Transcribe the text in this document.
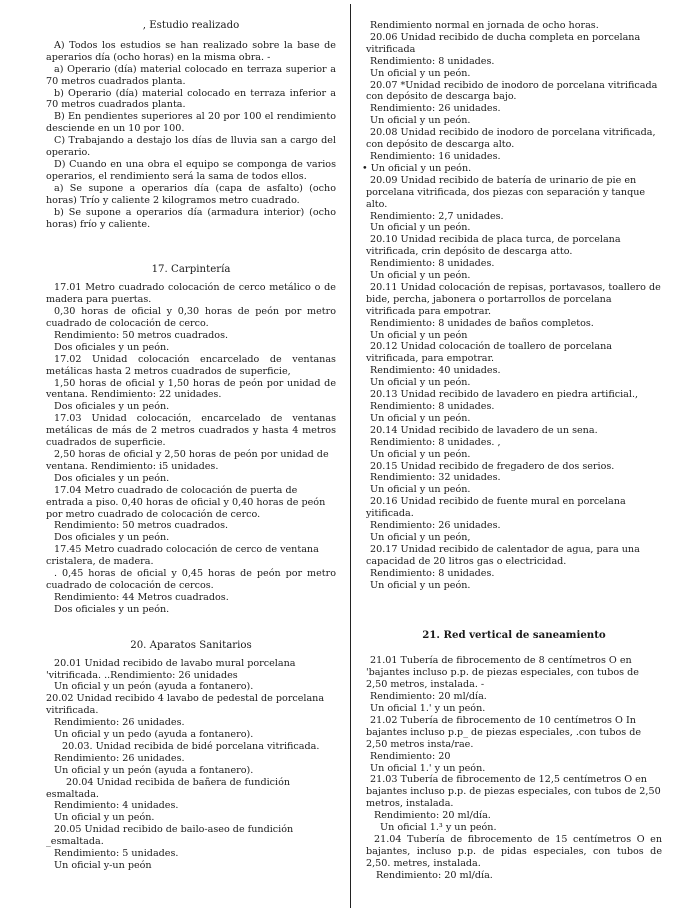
, Estudio realizado

A) Todos los estudios se han realizado sobre la base de aperarios día (ocho horas) en la misma obra. -

a) Operario (día) material colocado en terraza superior a 70 metros cuadrados planta.

b) Operario (día) material colocado en terraza inferior a 70 metros cuadrados planta.

B) En pendientes superiores al 20 por 100 el rendimiento desciende en un 10 por 100.

C) Trabajando a destajo los días de lluvia san a cargo del operario.

D) Cuando en una obra el equipo se componga de varios operarios, el rendimiento será la sama de todos ellos.

a) Se supone a operarios día (capa de asfalto) (ocho horas) Trío y caliente 2 kilogramos metro cuadrado.

b) Se supone a operarios día (armadura interior) (ocho horas) frío y caliente.

17. Carpintería

17.01 Metro cuadrado colocación de cerco metálico o de madera para puertas.

0,30 horas de oficial y 0,30 horas de peón por metro cuadrado de colocación de cerco.

Rendimiento: 50 metros cuadrados.

Dos oficiales y un peón.

17.02 Unidad colocación encarcelado de ventanas metálicas hasta 2 metros cuadrados de superficie,

1,50 horas de oficial y 1,50 horas de peón por unidad de ventana. Rendimiento: 22 unidades.

Dos oficiales y un peón.

17.03 Unidad colocación, encarcelado de ventanas metálicas de más de 2 metros cuadrados y hasta 4 metros cuadrados de superficie.

2,50 horas de oficial y 2,50 horas de peón por unidad de ventana. Rendimiento: i5 unidades.

Dos oficiales y un peón.

17.04 Metro cuadrado de colocación de puerta de entrada a piso. 0,40 horas de oficial y 0,40 horas de peón por metro cuadrado de colocación de cerco.

Rendimiento: 50 metros cuadrados.

Dos oficiales y un peón.

17.45 Metro cuadrado colocación de cerco de ventana cristalera, de madera.

. 0,45 horas de oficial y 0,45 horas de peón por metro cuadrado de colocación de cercos.

Rendimiento: 44 Metros cuadrados.

Dos oficiales y un peón.

20. Aparatos Sanitarios

20.01 Unidad recibido de lavabo mural porcelana 'vitrificada. ..Rendimiento: 26 unidades

Un oficial y un peón (ayuda a fontanero).

20.02 Unidad recibido 4 lavabo de pedestal de porcelana vitrificada.

Rendimiento: 26 unidades.

Un oficial y un pedo (ayuda a fontanero).

20.03. Unidad recibida de bidé porcelana vitrificada.

Rendimiento: 26 unidades.

Un oficial y un peón (ayuda a fontanero).

20.04 Unidad recibida de bañera de fundición esmaltada.

Rendimiento: 4 unidades.

Un oficial y un peón.

20.05 Unidad recibido de bailo-aseo de fundición _esmaltada.

Rendimiento: 5 unidades.

Un oficial y-un peón

Rendimiento normal en jornada de ocho horas.

20.06 Unidad recibido de ducha completa en porcelana vitrificada

Rendimiento: 8 unidades.

Un oficial y un peón.

20.07 *Unidad recibido de inodoro de porcelana vitrificada con depósito de descarga bajo.

Rendimiento: 26 unidades.

Un oficial y un peón.

20.08 Unidad recibido de inodoro de porcelana vitrificada, con depósito de descarga alto.

Rendimiento: 16 unidades.

• Un oficial y un peón.

20.09 Unidad recibido de batería de urinario de pie en porcelana vitrificada, dos piezas con separación y tanque alto.

Rendimiento: 2,7 unidades.

Un oficial y un peón.

20.10 Unidad recibida de placa turca, de porcelana vitrificada, crin depósito de descarga atto.

Rendimiento: 8 unidades.

Un oficial y un peón.

20.11 Unidad colocación de repisas, portavasos, toallero de bide, percha, jabonera o portarrollos de porcelana vitrificada para empotrar.

Rendimiento: 8 unidades de baños completos.

Un oficial y un peón

20.12 Unidad colocación de toallero de porcelana vitrificada, para empotrar.

Rendimiento: 40 unidades.

Un oficial y un peón.

20.13 Unidad recibido de lavadero en piedra artificial.,

Rendimiento: 8 unidades.

Un oficial y un peón.

20.14 Unidad recibido de lavadero de un sena.

Rendimiento: 8 unidades. ,

Un oficial y un peón.

20.15 Unidad recibido de fregadero de dos serios.

Rendimiento: 32 unidades.

Un oficial y un peón.

20.16 Unidad recibido de fuente mural en porcelana yitificada.

Rendimiento: 26 unidades.

Un oficial y un peón,

20.17 Unidad recibido de calentador de agua, para una capacidad de 20 litros gas o electricidad.

Rendimiento: 8 unidades.

Un oficial y un peón.

21. Red vertical de saneamiento

21.01 Tubería de fibrocemento de 8 centímetros O en 'bajantes incluso p.p. de piezas especiales, con tubos de 2,50 metros, instalada. -

Rendimiento: 20 ml/día.

Un oficial 1.' y un peón.

21.02 Tubería de fibrocemento de 10 centímetros O In bajantes incluso p.p_ de piezas especiales, .con tubos de 2,50 metros insta/rae.

Rendimiento: 20

Un oficial 1.' y un peón.

21.03 Tubería de fibrocemento de 12,5 centímetros O en bajantes incluso p.p. de piezas especiales, con tubos de 2,50 metros, instalada.

Rendimiento: 20 ml/día.

Un oficial 1.³ y un peón.

21.04 Tubería de fibrocemento de 15 centímetros O en bajantes, incluso p.p. de pidas especiales, con tubos de 2,50. metres, instalada.

Rendimiento: 20 ml/día.
